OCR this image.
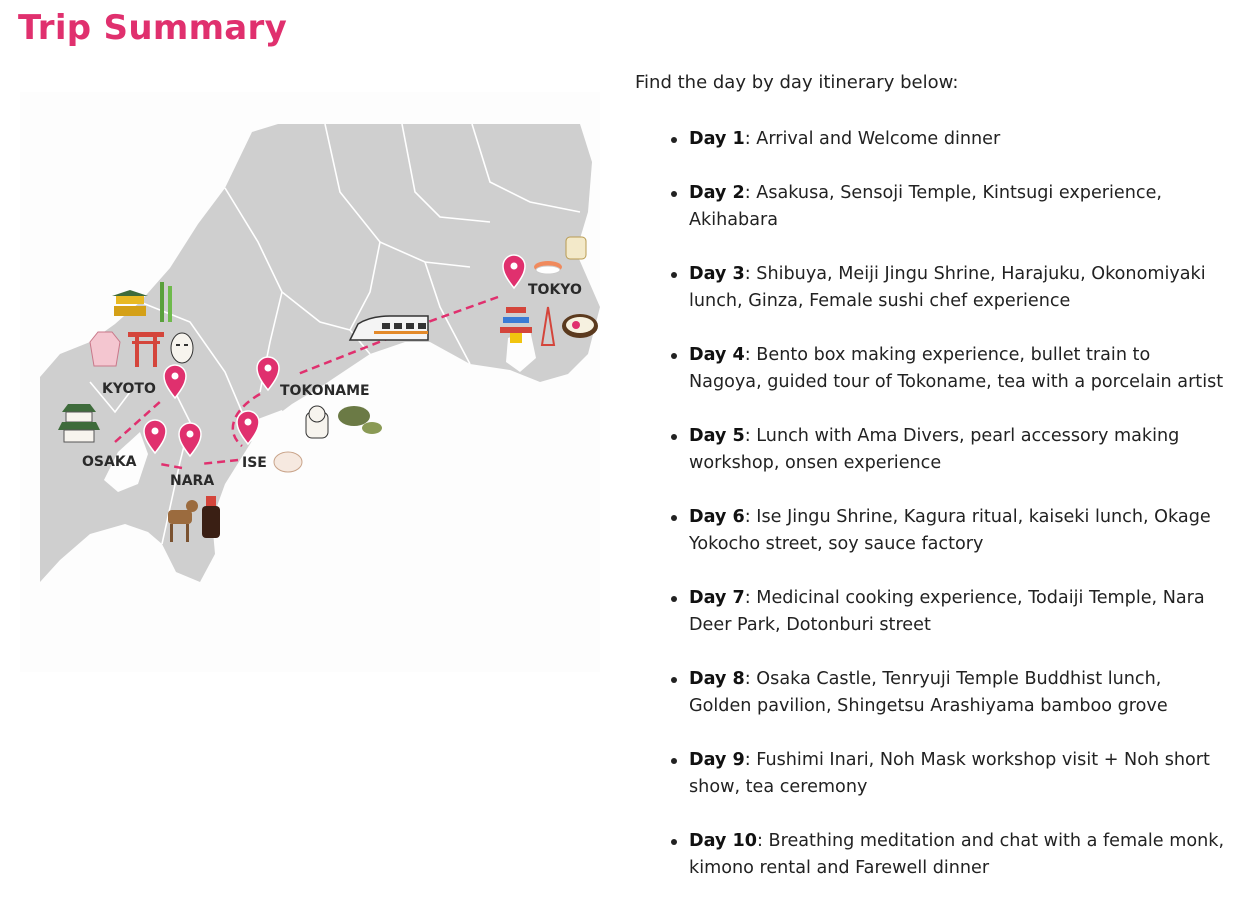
Trip Summary
TOKYO
TOKONAME
KYOTO
OSAKA
NARA
ISE

Find the day by day itinerary below:

Day 1: Arrival and Welcome dinner
Day 2: Asakusa, Sensoji Temple, Kintsugi experience, Akihabara
Day 3: Shibuya, Meiji Jingu Shrine, Harajuku, Okonomiyaki lunch, Ginza, Female sushi chef experience
Day 4: Bento box making experience, bullet train to Nagoya, guided tour of Tokoname, tea with a porcelain artist
Day 5: Lunch with Ama Divers, pearl accessory making workshop, onsen experience
Day 6: Ise Jingu Shrine, Kagura ritual, kaiseki lunch, Okage Yokocho street, soy sauce factory
Day 7: Medicinal cooking experience, Todaiji Temple, Nara Deer Park, Dotonburi street
Day 8: Osaka Castle, Tenryuji Temple Buddhist lunch, Golden pavilion, Shingetsu Arashiyama bamboo grove
Day 9: Fushimi Inari, Noh Mask workshop visit + Noh short show, tea ceremony
Day 10: Breathing meditation and chat with a female monk, kimono rental and Farewell dinner
